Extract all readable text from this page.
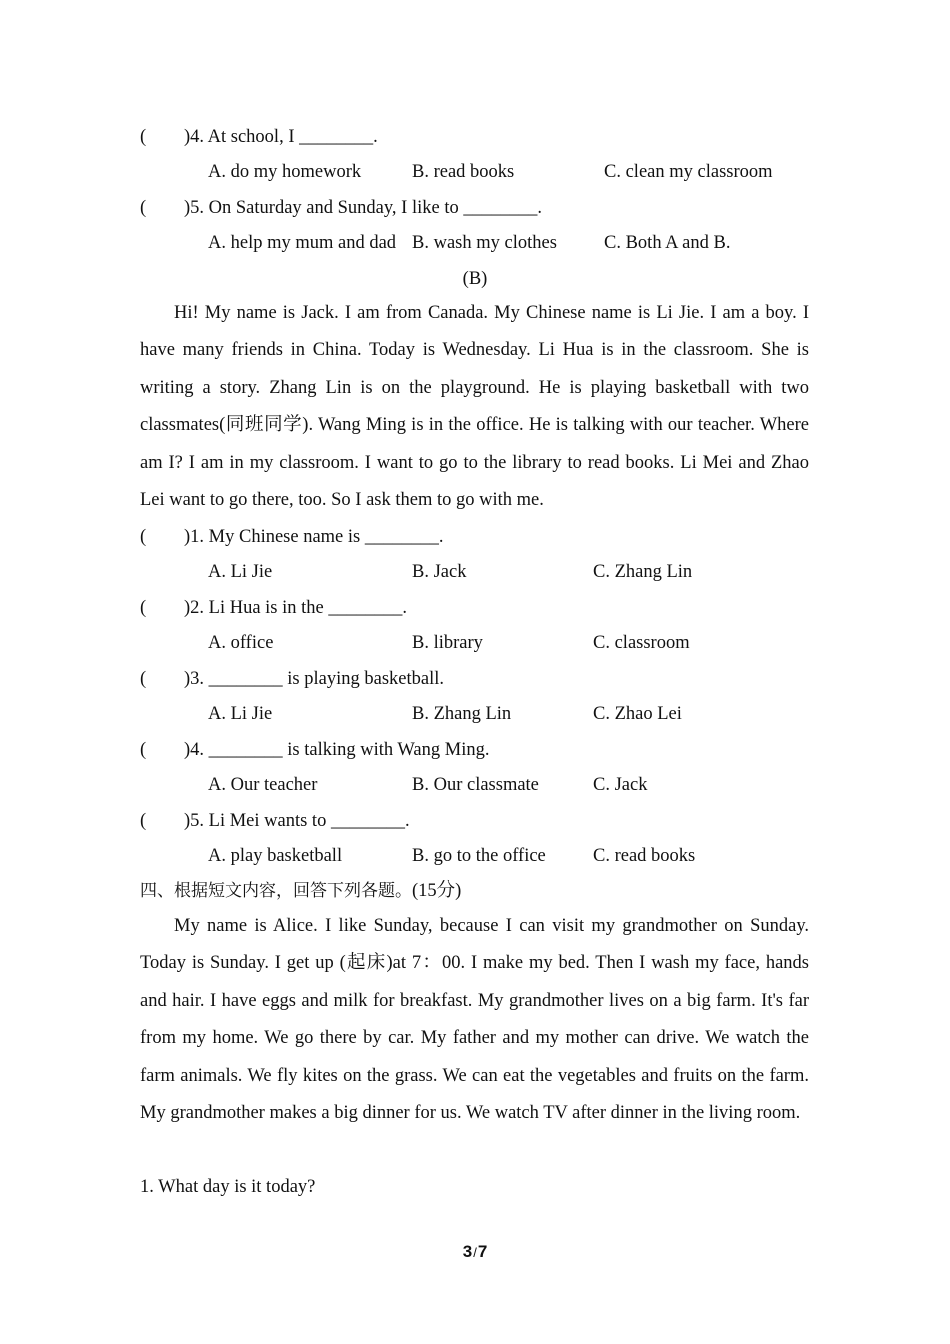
(	)4. At school, I ________.
A. do my homework	B. read books	C. clean my classroom
(	)5. On Saturday and Sunday, I like to ________.
A. help my mum and dad B. wash my clothes	C. Both A and B.
(B)

Hi! My name is Jack. I am from Canada. My Chinese name is Li Jie. I am a boy. I have many friends in China. Today is Wednesday. Li Hua is in the classroom. She is writing a story. Zhang Lin is on the playground. He is playing basketball with two classmates(同班同学). Wang Ming is in the office. He is talking with our teacher. Where am I? I am in my classroom. I want to go to the library to read books. Li Mei and Zhao Lei want to go there, too. So I ask them to go with me.

(	)1. My Chinese name is ________.
A. Li Jie	B. Jack	C. Zhang Lin
(	)2. Li Hua is in the ________.
A. office	B. library	C. classroom
(	)3. ________ is playing basketball.
A. Li Jie	B. Zhang Lin	C. Zhao Lei
(	)4. ________ is talking with Wang Ming.
A. Our teacher	B. Our classmate	C. Jack
(	)5. Li Mei wants to ________.
A. play basketball	B. go to the office	C. read books
四、根据短文内容，回答下列各题。(15分)

My name is Alice. I like Sunday, because I can visit my grandmother on Sunday. Today is Sunday. I get up (起床)at 7：00. I make my bed. Then I wash my face, hands and hair. I have eggs and milk for breakfast. My grandmother lives on a big farm. It's far from my home. We go there by car. My father and my mother can drive. We watch the farm animals. We fly kites on the grass. We can eat the vegetables and fruits on the farm. My grandmother makes a big dinner for us. We watch TV after dinner in the living room.

1. What day is it today?
3/7
